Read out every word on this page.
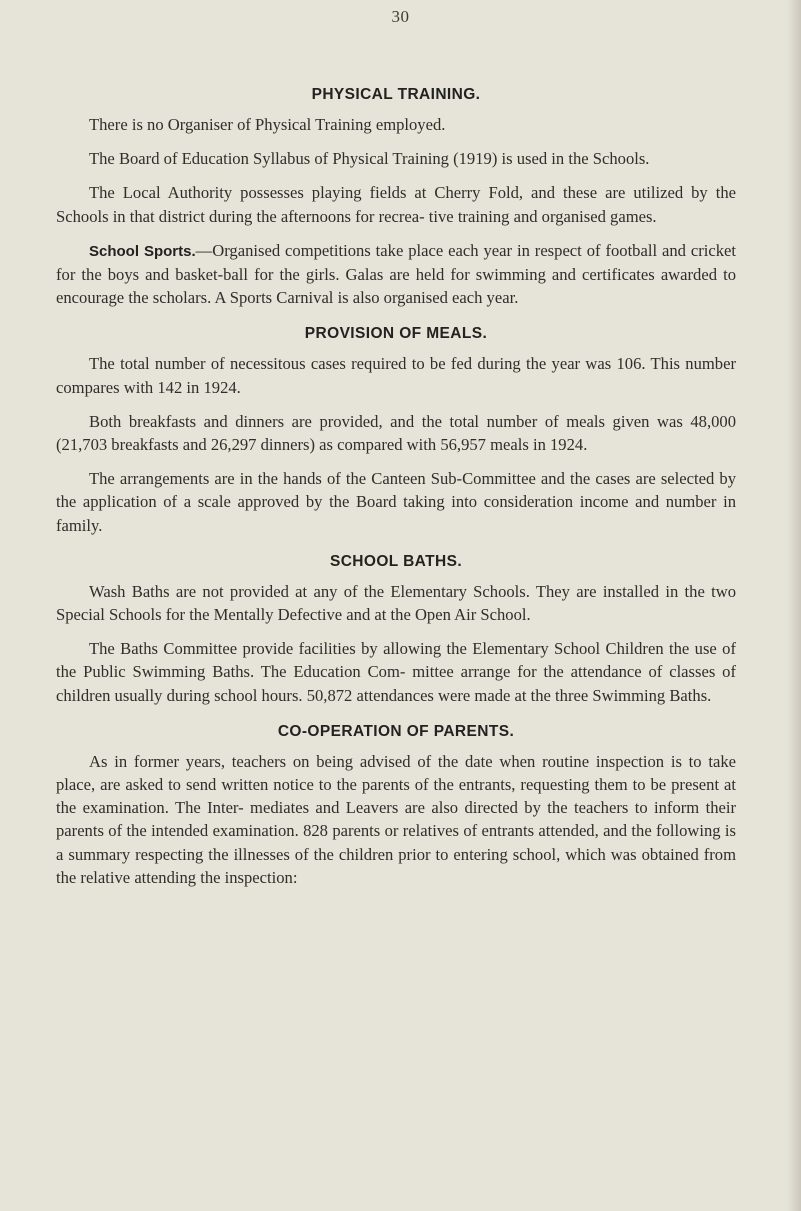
30
PHYSICAL TRAINING.

There is no Organiser of Physical Training employed.

The Board of Education Syllabus of Physical Training (1919) is used in the Schools.

The Local Authority possesses playing fields at Cherry Fold, and these are utilized by the Schools in that district during the afternoons for recrea- tive training and organised games.

School Sports.—Organised competitions take place each year in respect of football and cricket for the boys and basket-ball for the girls. Galas are held for swimming and certificates awarded to encourage the scholars. A Sports Carnival is also organised each year.

PROVISION OF MEALS.

The total number of necessitous cases required to be fed during the year was 106. This number compares with 142 in 1924.

Both breakfasts and dinners are provided, and the total number of meals given was 48,000 (21,703 breakfasts and 26,297 dinners) as compared with 56,957 meals in 1924.

The arrangements are in the hands of the Canteen Sub-Committee and the cases are selected by the application of a scale approved by the Board taking into consideration income and number in family.

SCHOOL BATHS.

Wash Baths are not provided at any of the Elementary Schools. They are installed in the two Special Schools for the Mentally Defective and at the Open Air School.

The Baths Committee provide facilities by allowing the Elementary School Children the use of the Public Swimming Baths. The Education Com- mittee arrange for the attendance of classes of children usually during school hours. 50,872 attendances were made at the three Swimming Baths.

CO-OPERATION OF PARENTS.

As in former years, teachers on being advised of the date when routine inspection is to take place, are asked to send written notice to the parents of the entrants, requesting them to be present at the examination. The Inter- mediates and Leavers are also directed by the teachers to inform their parents of the intended examination. 828 parents or relatives of entrants attended, and the following is a summary respecting the illnesses of the children prior to entering school, which was obtained from the relative attending the inspection:
